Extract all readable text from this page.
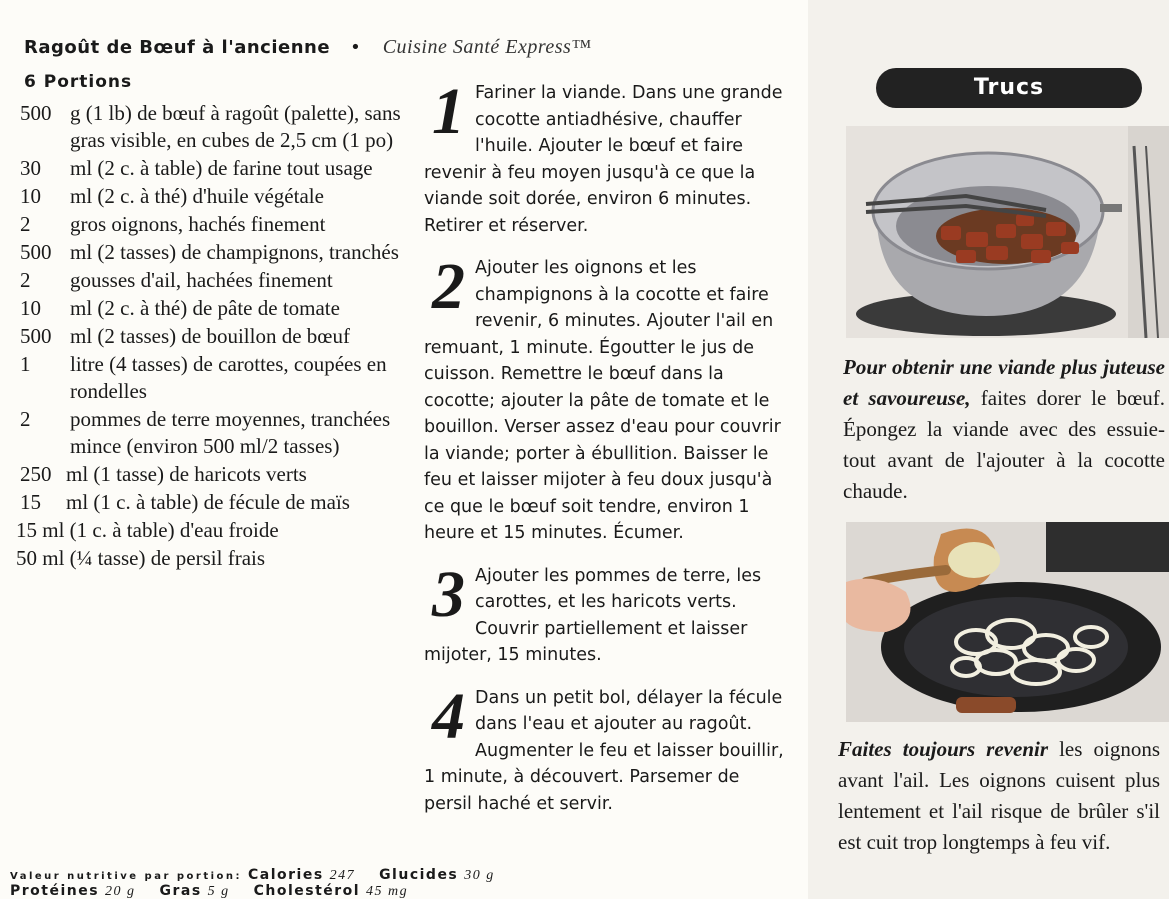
Ragoût de Bœuf à l'ancienne • Cuisine Santé Express™
6 Portions
500 g (1 lb) de bœuf à ragoût (palette), sans gras visible, en cubes de 2,5 cm (1 po)
30	ml (2 c. à table) de farine tout usage
10	ml (2 c. à thé) d'huile végétale
2	gros oignons, hachés finement
500 ml (2 tasses) de champignons, tranchés
2	gousses d'ail, hachées finement
10	ml (2 c. à thé) de pâte de tomate
500 ml (2 tasses) de bouillon de bœuf
1	litre (4 tasses) de carottes, coupées en rondelles
2	pommes de terre moyennes, tranchées mince (environ 500 ml/2 tasses)
250 ml (1 tasse) de haricots verts
15	ml (1 c. à table) de fécule de maïs
15 ml (1 c. à table) d'eau froide
50 ml (¼ tasse) de persil frais
1 Fariner la viande. Dans une grande cocotte antiadhésive, chauffer l'huile. Ajouter le bœuf et faire revenir à feu moyen jusqu'à ce que la viande soit dorée, environ 6 minutes. Retirer et réserver.
2 Ajouter les oignons et les champignons à la cocotte et faire revenir, 6 minutes. Ajouter l'ail en remuant, 1 minute. Égoutter le jus de cuisson. Remettre le bœuf dans la cocotte; ajouter la pâte de tomate et le bouillon. Verser assez d'eau pour couvrir la viande; porter à ébullition. Baisser le feu et laisser mijoter à feu doux jusqu'à ce que le bœuf soit tendre, environ 1 heure et 15 minutes. Écumer.
3 Ajouter les pommes de terre, les carottes, et les haricots verts. Couvrir partiellement et laisser mijoter, 15 minutes.
4 Dans un petit bol, délayer la fécule dans l'eau et ajouter au ragoût. Augmenter le feu et laisser bouillir, 1 minute, à découvert. Parsemer de persil haché et servir.
Valeur nutritive par portion: Calories 247 Glucides 30 g
Protéines 20 g Gras 5 g Cholestérol 45 mg
Trucs
Pour obtenir une viande plus juteuse et savoureuse, faites dorer le bœuf. Épongez la viande avec des essuie-tout avant de l'ajouter à la cocotte chaude.
Faites toujours revenir les oignons avant l'ail. Les oignons cuisent plus lentement et l'ail risque de brûler s'il est cuit trop longtemps à feu vif.
